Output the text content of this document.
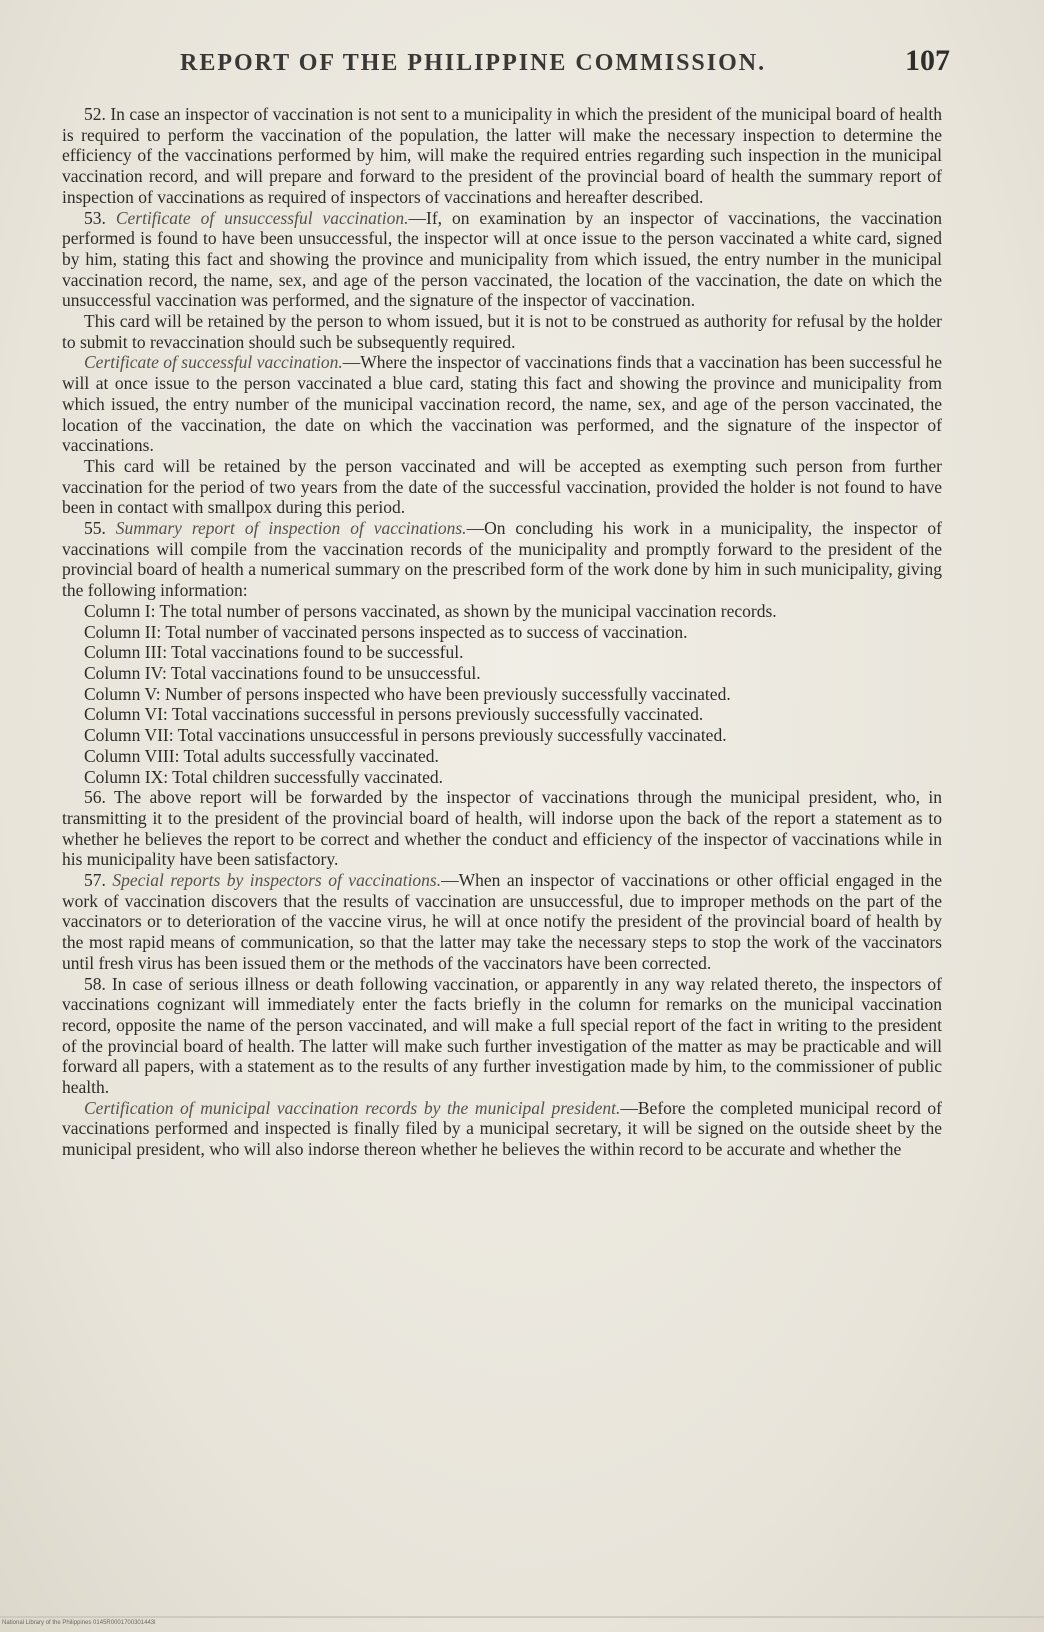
REPORT OF THE PHILIPPINE COMMISSION.	107

52. In case an inspector of vaccination is not sent to a municipality in which the president of the municipal board of health is required to perform the vaccination of the population, the latter will make the necessary inspection to determine the efficiency of the vaccinations performed by him, will make the required entries regarding such inspection in the municipal vaccination record, and will prepare and forward to the president of the provincial board of health the summary report of inspection of vaccinations as required of inspectors of vaccinations and hereafter described.

53. Certificate of unsuccessful vaccination.—If, on examination by an inspector of vaccinations, the vaccination performed is found to have been unsuccessful, the inspector will at once issue to the person vaccinated a white card, signed by him, stating this fact and showing the province and municipality from which issued, the entry number in the municipal vaccination record, the name, sex, and age of the person vaccinated, the location of the vaccination, the date on which the unsuccessful vaccination was performed, and the signature of the inspector of vaccination.

This card will be retained by the person to whom issued, but it is not to be construed as authority for refusal by the holder to submit to revaccination should such be subsequently required.

Certificate of successful vaccination.—Where the inspector of vaccinations finds that a vaccination has been successful he will at once issue to the person vaccinated a blue card, stating this fact and showing the province and municipality from which issued, the entry number of the municipal vaccination record, the name, sex, and age of the person vaccinated, the location of the vaccination, the date on which the vaccination was performed, and the signature of the inspector of vaccinations.

This card will be retained by the person vaccinated and will be accepted as exempting such person from further vaccination for the period of two years from the date of the successful vaccination, provided the holder is not found to have been in contact with smallpox during this period.

55. Summary report of inspection of vaccinations.—On concluding his work in a municipality, the inspector of vaccinations will compile from the vaccination records of the municipality and promptly forward to the president of the provincial board of health a numerical summary on the prescribed form of the work done by him in such municipality, giving the following information:

Column I: The total number of persons vaccinated, as shown by the municipal vaccination records.

Column II: Total number of vaccinated persons inspected as to success of vaccination.

Column III: Total vaccinations found to be successful.

Column IV: Total vaccinations found to be unsuccessful.

Column V: Number of persons inspected who have been previously successfully vaccinated.

Column VI: Total vaccinations successful in persons previously successfully vaccinated.

Column VII: Total vaccinations unsuccessful in persons previously successfully vaccinated.

Column VIII: Total adults successfully vaccinated.

Column IX: Total children successfully vaccinated.

56. The above report will be forwarded by the inspector of vaccinations through the municipal president, who, in transmitting it to the president of the provincial board of health, will indorse upon the back of the report a statement as to whether he believes the report to be correct and whether the conduct and efficiency of the inspector of vaccinations while in his municipality have been satisfactory.

57. Special reports by inspectors of vaccinations.—When an inspector of vaccinations or other official engaged in the work of vaccination discovers that the results of vaccination are unsuccessful, due to improper methods on the part of the vaccinators or to deterioration of the vaccine virus, he will at once notify the president of the provincial board of health by the most rapid means of communication, so that the latter may take the necessary steps to stop the work of the vaccinators until fresh virus has been issued them or the methods of the vaccinators have been corrected.

58. In case of serious illness or death following vaccination, or apparently in any way related thereto, the inspectors of vaccinations cognizant will immediately enter the facts briefly in the column for remarks on the municipal vaccination record, opposite the name of the person vaccinated, and will make a full special report of the fact in writing to the president of the provincial board of health. The latter will make such further investigation of the matter as may be practicable and will forward all papers, with a statement as to the results of any further investigation made by him, to the commissioner of public health.

Certification of municipal vaccination records by the municipal president.—Before the completed municipal record of vaccinations performed and inspected is finally filed by a municipal secretary, it will be signed on the outside sheet by the municipal president, who will also indorse thereon whether he believes the within record to be accurate and whether the

National Library of the Philippines 0145R0001700301443l
